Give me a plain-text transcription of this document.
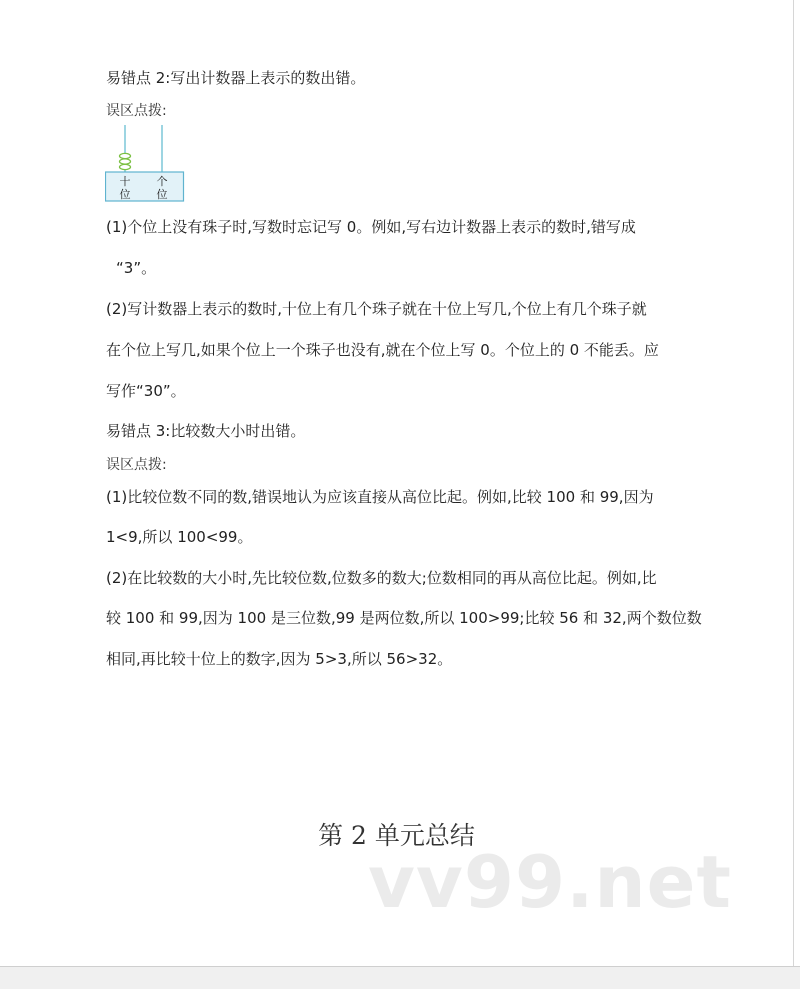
易错点 2:写出计数器上表示的数出错。
误区点拨:
十
位
个
位
(1)个位上没有珠子时,写数时忘记写 0。例如,写右边计数器上表示的数时,错写成
“3”。
(2)写计数器上表示的数时,十位上有几个珠子就在十位上写几,个位上有几个珠子就
在个位上写几,如果个位上一个珠子也没有,就在个位上写 0。个位上的 0 不能丢。应
写作“30”。
易错点 3:比较数大小时出错。
误区点拨:
(1)比较位数不同的数,错误地认为应该直接从高位比起。例如,比较 100 和 99,因为
1<9,所以 100<99。
(2)在比较数的大小时,先比较位数,位数多的数大;位数相同的再从高位比起。例如,比
较 100 和 99,因为 100 是三位数,99 是两位数,所以 100>99;比较 56 和 32,两个数位数
相同,再比较十位上的数字,因为 5>3,所以 56>32。
第 2 单元总结
vv99.net
